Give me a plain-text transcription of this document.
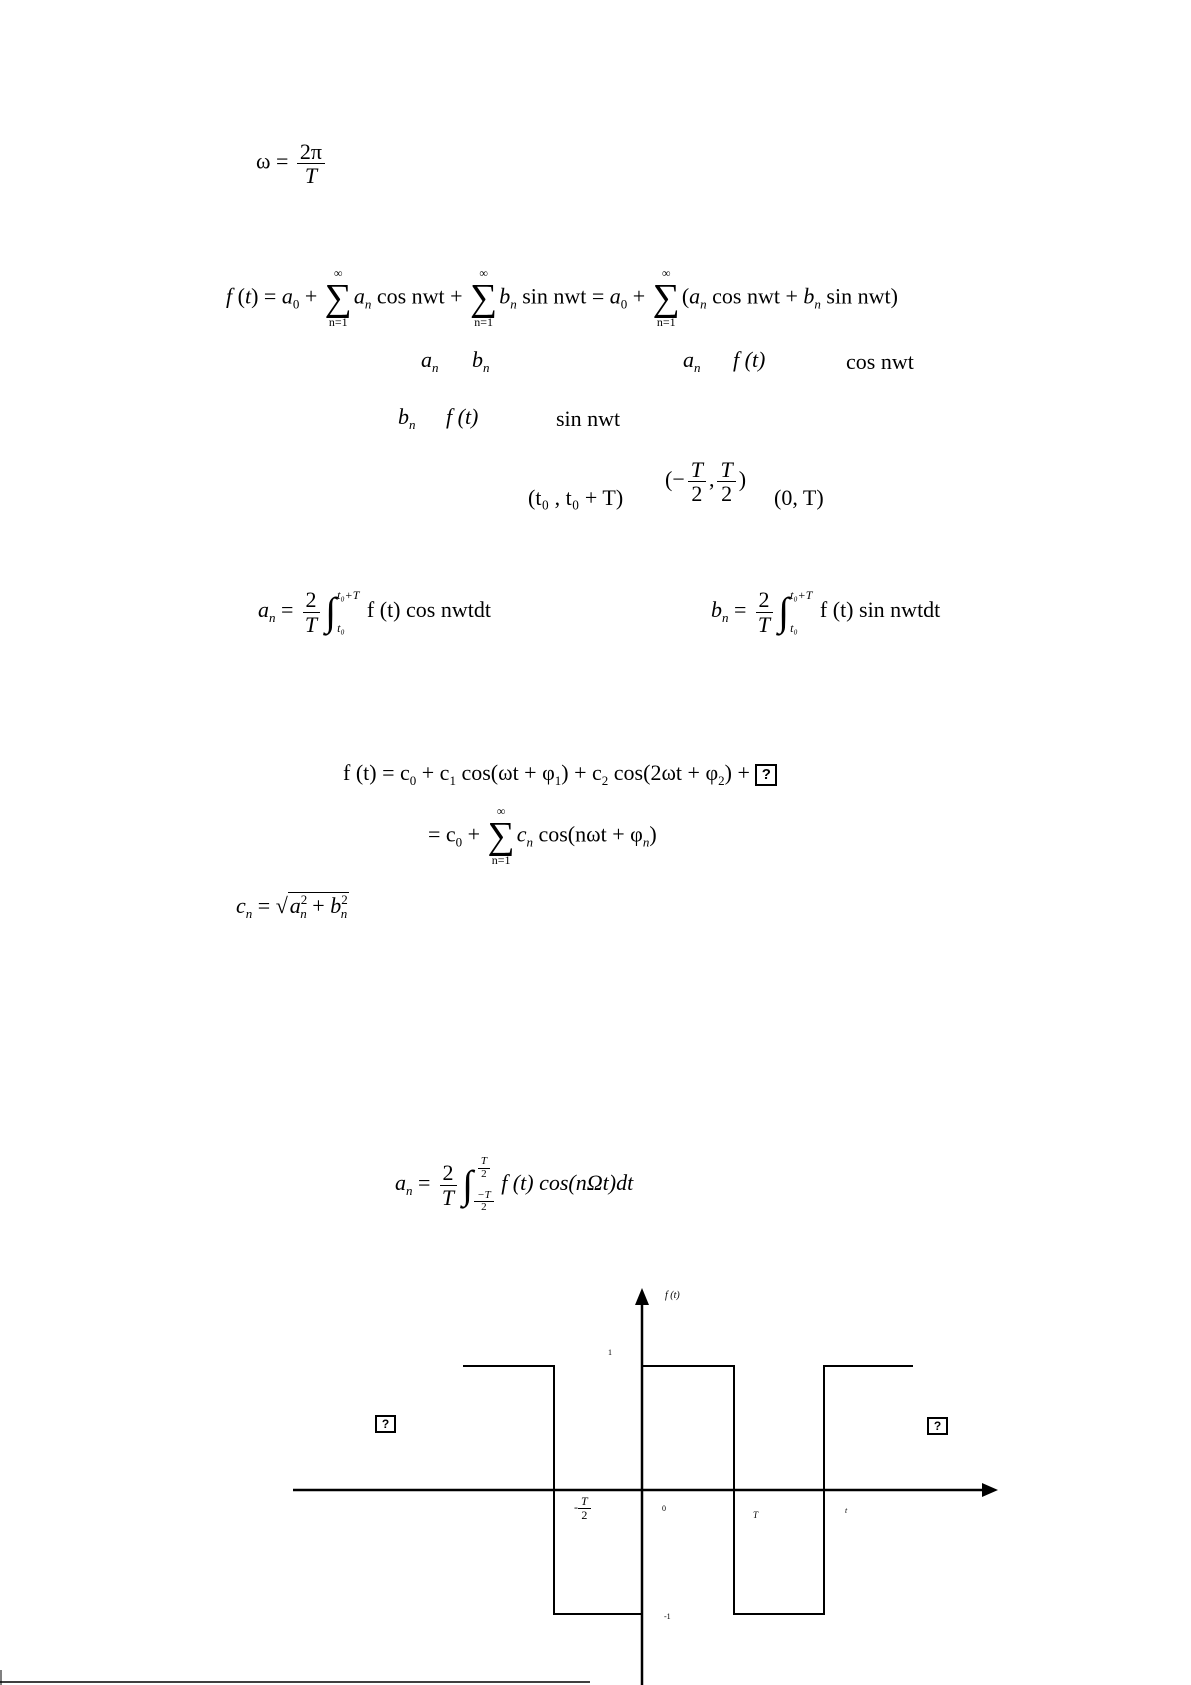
$\omega = \frac{2\pi}{T}$
f $(t) = a_0$ +
∞
∑
n=1
$a_n$ cos nwt +
∞
∑
n=1
$b_n$ sin nwt = $a_0$ +
∞
∑
n=1
($a_n$ cos nwt + $b_n$ sin nwt)
$a_n$ $b_n$	$a_n$ f (t)	cos nwt
$b_n$ f (t)	sin nwt
(t₀ , t₀ + T)
(− $\frac{T}{2}$ , $\frac{T}{2}$ )
(0, T)
$a_n = \frac{2}{T}$ ∫ t₀+T
t₀
f (t) cos nwtdt	$b_n = \frac{2}{T}$ ∫ t₀+T
t₀
f (t) sin nwtdt
f $(t) = c_0 + c_1$ $\cos(\omega t + \varphi_1) + c_2$ $\cos(2\omega t + \varphi_2)$ + ?
= $c_0$ +
∞
∑
n=1
$c_n$ $\cos(n\omega t + \varphi_n)$
$c_n = √a^2_n + b^2_n$
$a_n = \frac{2}{T}$ ∫ $\frac{T}{2}$
$\frac{-T}{2}$
f (t) cos(nΩt)dt
f (t)
1
-1
0
- $\frac{T}{2}$	T	t
?	?
